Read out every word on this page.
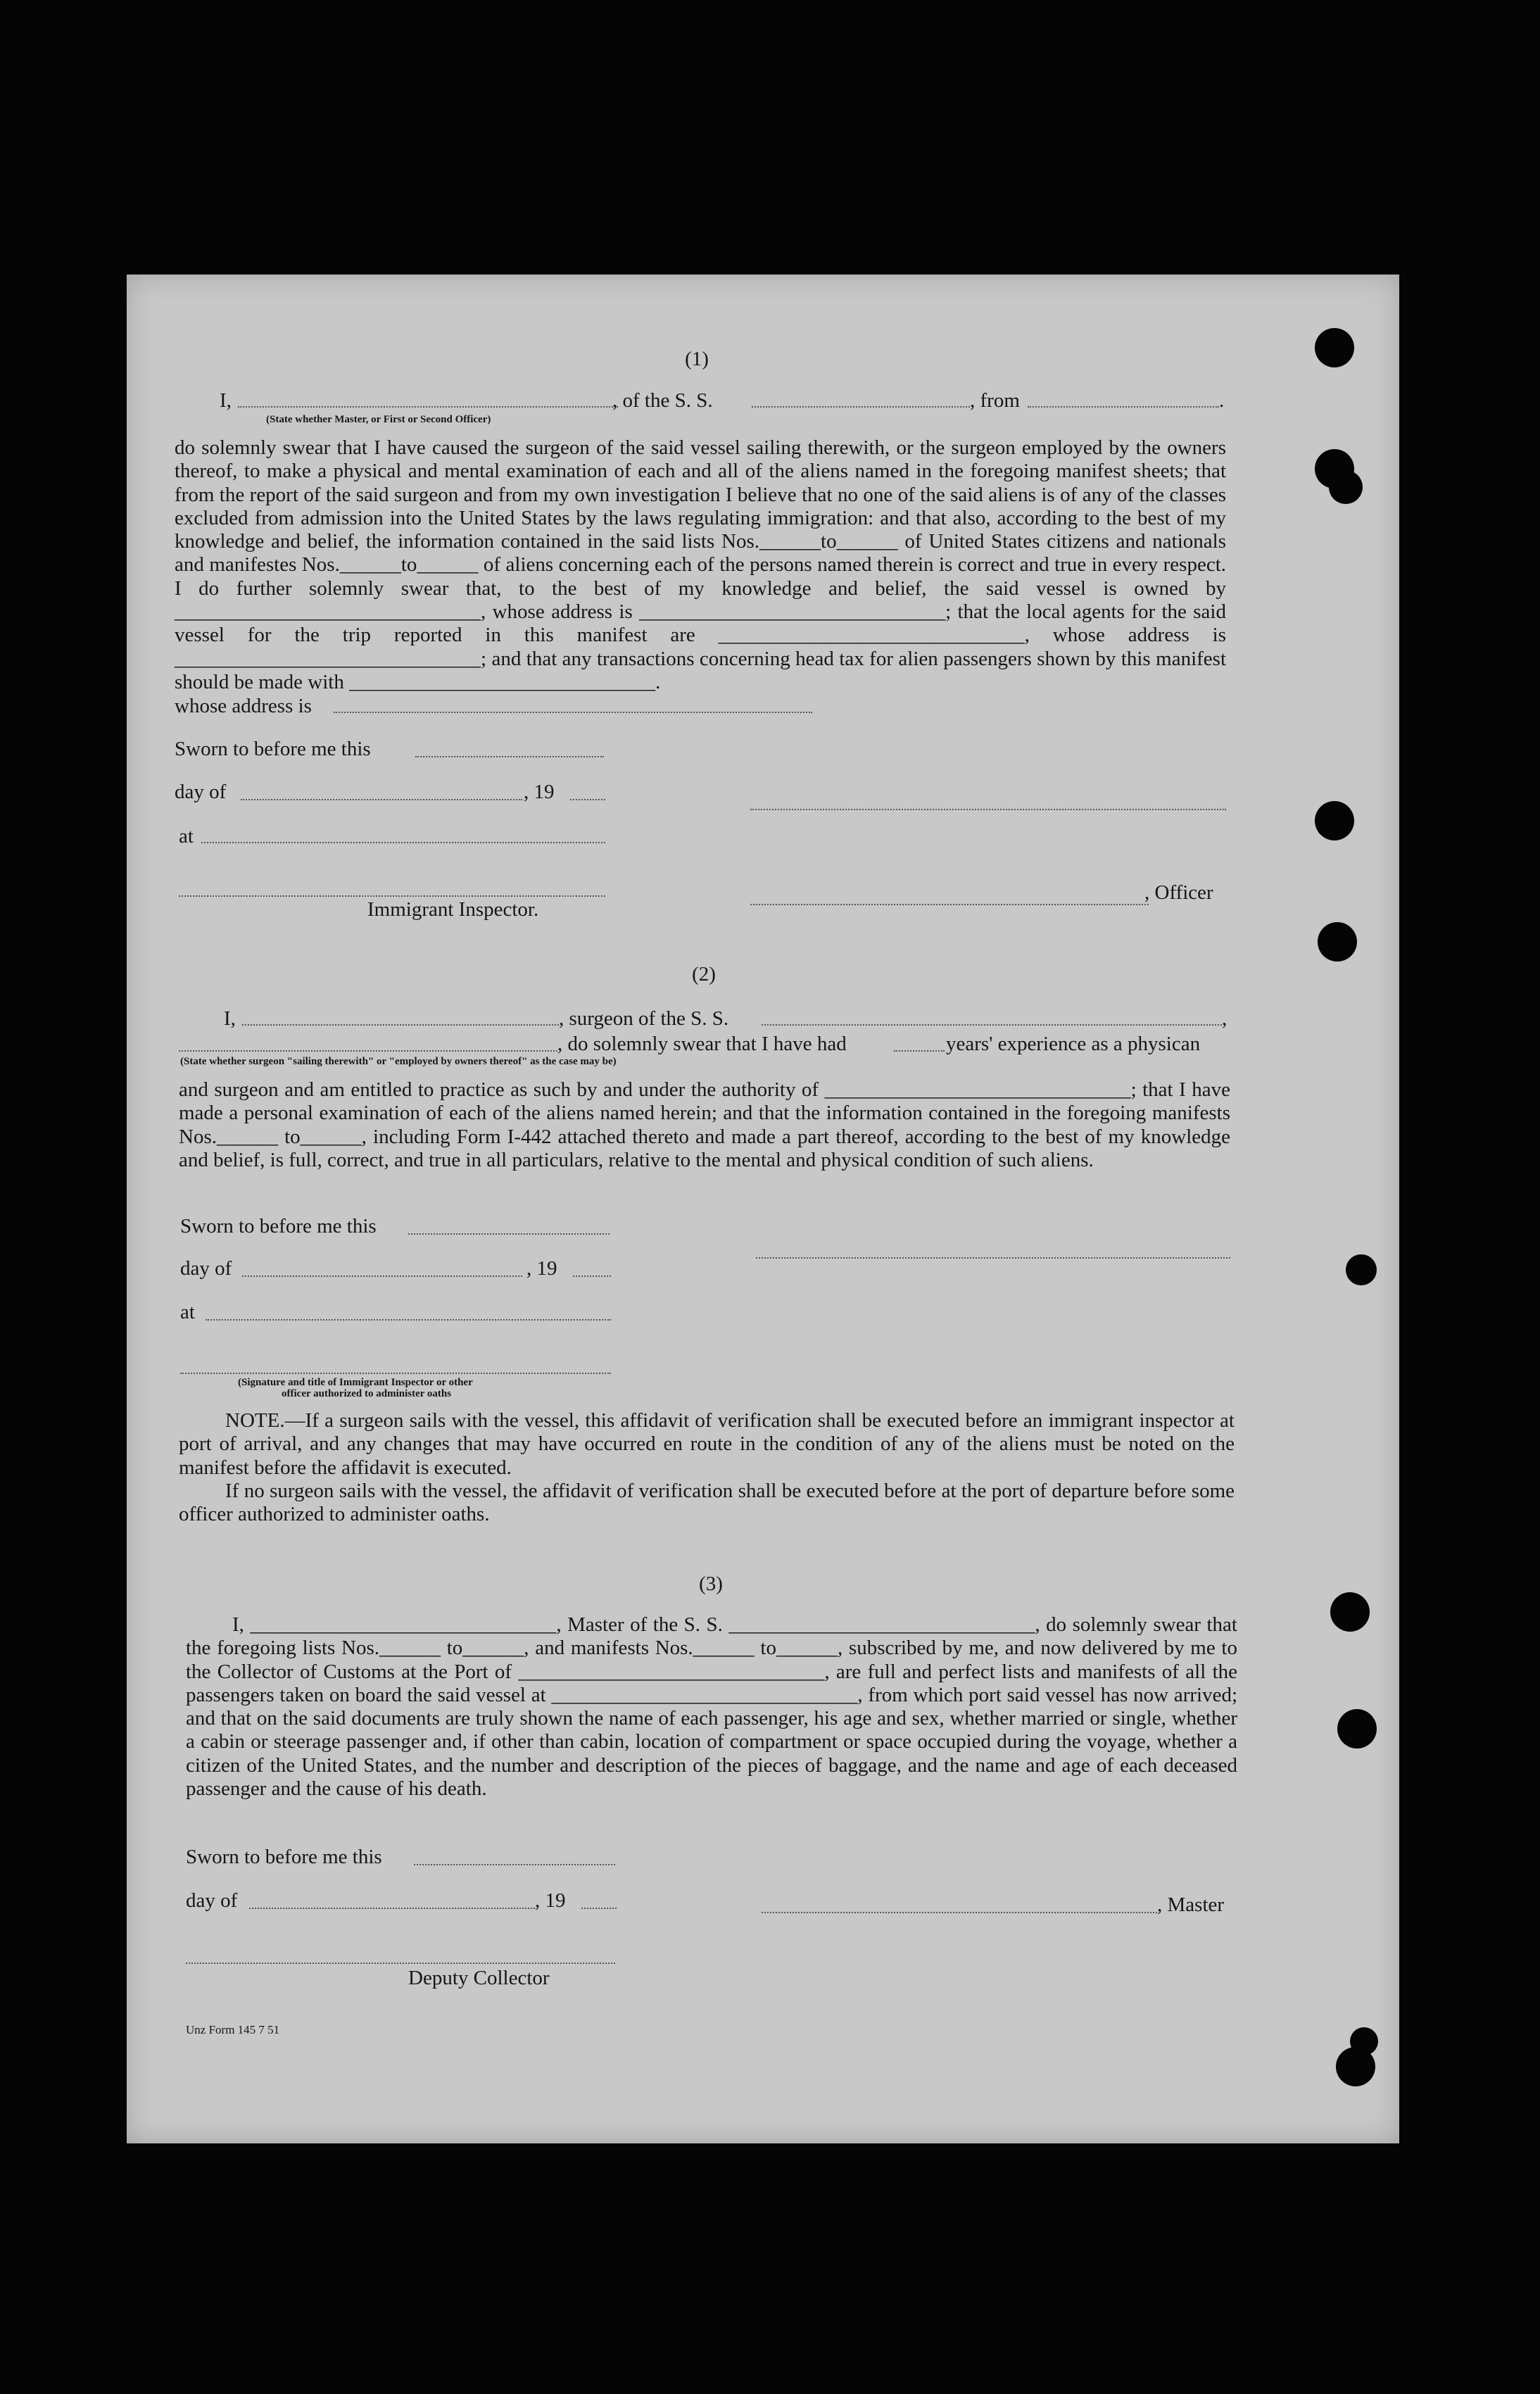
(1)
I,	, of the S. S.	, from	.
(State whether Master, or First or Second Officer)
do solemnly swear that I have caused the surgeon of the said vessel sailing therewith, or the surgeon employed by the owners thereof, to make a physical and mental examination of each and all of the aliens named in the foregoing manifest sheets; that from the report of the said surgeon and from my own investigation I believe that no one of the said aliens is of any of the classes excluded from admission into the United States by the laws regulating immigration: and that also, according to the best of my knowledge and belief, the information contained in the said lists Nos.______to______ of United States citizens and nationals and manifestes Nos.______to______ of aliens concerning each of the persons named therein is correct and true in every respect. I do further solemnly swear that, to the best of my knowledge and belief, the said vessel is owned by ______________________________, whose address is ______________________________; that the local agents for the said vessel for the trip reported in this manifest are ______________________________, whose address is ______________________________; and that any transactions concerning head tax for alien passengers shown by this manifest should be made with ______________________________.
whose address is
Sworn to before me this
day of	, 19
at
, Officer
Immigrant Inspector.
(2)
I,	, surgeon of the S. S.	,
, do solemnly swear that I have had	years' experience as a physican
(State whether surgeon "sailing therewith" or "employed by owners thereof" as the case may be)
and surgeon and am entitled to practice as such by and under the authority of ______________________________; that I have made a personal examination of each of the aliens named herein; and that the information contained in the foregoing manifests Nos.______ to______, including Form I-442 attached thereto and made a part thereof, according to the best of my knowledge and belief, is full, correct, and true in all particulars, relative to the mental and physical condition of such aliens.
Sworn to before me this
day of	, 19
at
(Signature and title of Immigrant Inspector or other
officer authorized to administer oaths
NOTE.—If a surgeon sails with the vessel, this affidavit of verification shall be executed before an immigrant inspector at port of arrival, and any changes that may have occurred en route in the condition of any of the aliens must be noted on the manifest before the affidavit is executed.
If no surgeon sails with the vessel, the affidavit of verification shall be executed before at the port of departure before some officer authorized to administer oaths.
(3)
I, ______________________________, Master of the S. S. ______________________________, do solemnly swear that the foregoing lists Nos.______ to______, and manifests Nos.______ to______, subscribed by me, and now delivered by me to the Collector of Customs at the Port of ______________________________, are full and perfect lists and manifests of all the passengers taken on board the said vessel at ______________________________, from which port said vessel has now arrived; and that on the said documents are truly shown the name of each passenger, his age and sex, whether married or single, whether a cabin or steerage passenger and, if other than cabin, location of compartment or space occupied during the voyage, whether a citizen of the United States, and the number and description of the pieces of baggage, and the name and age of each deceased passenger and the cause of his death.
Sworn to before me this
day of	, 19	, Master
Deputy Collector
Unz Form 145 7 51
